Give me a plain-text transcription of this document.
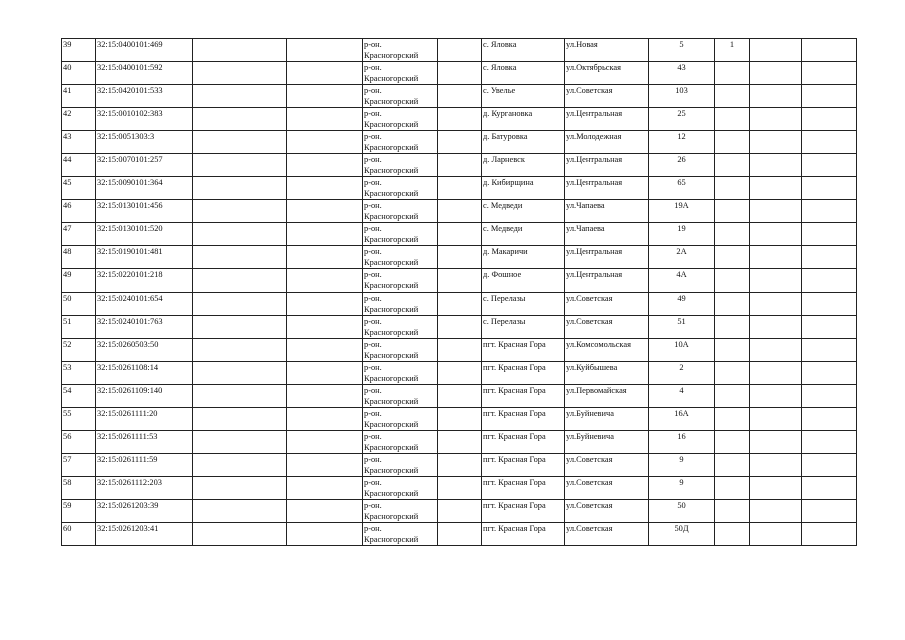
39	32:15:0400101:469			р-он.
Красногорский		с. Яловка	ул.Новая	5	1		
40	32:15:0400101:592			р-он.
Красногорский		с. Яловка	ул.Октябрьская	43			
41	32:15:0420101:533			р-он.
Красногорский		с. Увелье	ул.Советская	103			
42	32:15:0010102:383			р-он.
Красногорский		д. Кургановка	ул.Центральная	25			
43	32:15:0051303:3			р-он.
Красногорский		д. Батуровка	ул.Молодежная	12			
44	32:15:0070101:257			р-он.
Красногорский		д. Ларневск	ул.Центральная	26			
45	32:15:0090101:364			р-он.
Красногорский		д. Кибирщина	ул.Центральная	65			
46	32:15:0130101:456			р-он.
Красногорский		с. Медведи	ул.Чапаева	19А			
47	32:15:0130101:520			р-он.
Красногорский		с. Медведи	ул.Чапаева	19			
48	32:15:0190101:481			р-он.
Красногорский		д. Макаричи	ул.Центральная	2А			
49	32:15:0220101:218			р-он.
Красногорский		д. Фошное	ул.Центральная	4А			
50	32:15:0240101:654			р-он.
Красногорский		с. Перелазы	ул.Советская	49			
51	32:15:0240101:763			р-он.
Красногорский		с. Перелазы	ул.Советская	51			
52	32:15:0260503:50			р-он.
Красногорский		пгт. Красная Гора	ул.Комсомольская	10А			
53	32:15:0261108:14			р-он.
Красногорский		пгт. Красная Гора	ул.Куйбышева	2			
54	32:15:0261109:140			р-он.
Красногорский		пгт. Красная Гора	ул.Первомайская	4			
55	32:15:0261111:20			р-он.
Красногорский		пгт. Красная Гора	ул.Буйневича	16А			
56	32:15:0261111:53			р-он.
Красногорский		пгт. Красная Гора	ул.Буйневича	16			
57	32:15:0261111:59			р-он.
Красногорский		пгт. Красная Гора	ул.Советская	9			
58	32:15:0261112:203			р-он.
Красногорский		пгт. Красная Гора	ул.Советская	9			
59	32:15:0261203:39			р-он.
Красногорский		пгт. Красная Гора	ул.Советская	50			
60	32:15:0261203:41			р-он.
Красногорский		пгт. Красная Гора	ул.Советская	50Д			
